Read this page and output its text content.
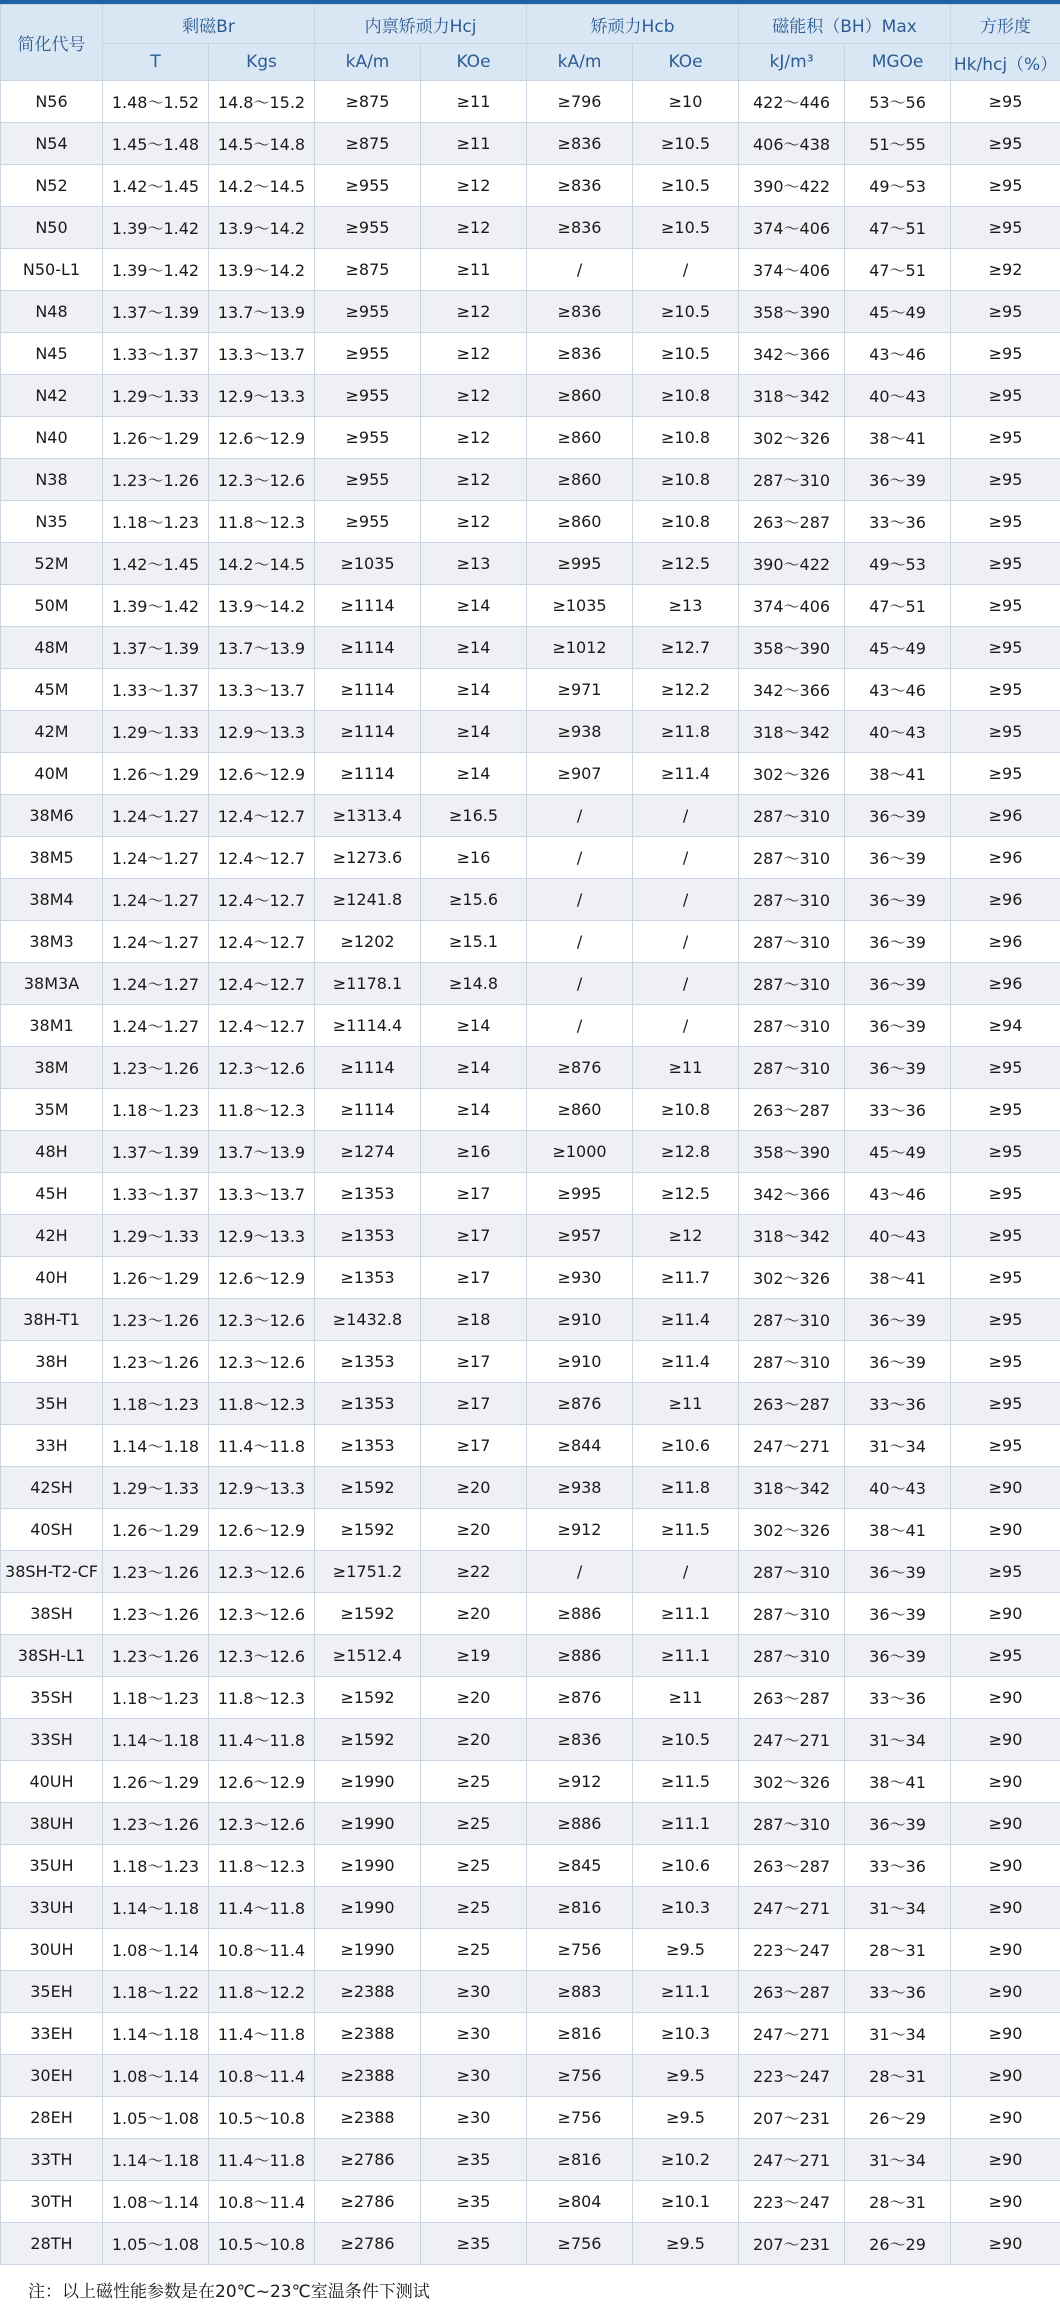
简化代号	剩磁Br		内禀矫顽力Hcj		矫顽力Hcb		磁能积（BH）Max		方形度
	T	Kgs	kA/m	KOe	kA/m	KOe	kJ/m³	MGOe	Hk/hcj（%）
N56	1.48～1.52	14.8～15.2	≥875	≥11	≥796	≥10	422～446	53～56	≥95
N54	1.45～1.48	14.5～14.8	≥875	≥11	≥836	≥10.5	406～438	51～55	≥95
N52	1.42～1.45	14.2～14.5	≥955	≥12	≥836	≥10.5	390～422	49～53	≥95
N50	1.39～1.42	13.9～14.2	≥955	≥12	≥836	≥10.5	374～406	47～51	≥95
N50-L1	1.39～1.42	13.9～14.2	≥875	≥11	/	/	374～406	47～51	≥92
N48	1.37～1.39	13.7～13.9	≥955	≥12	≥836	≥10.5	358～390	45～49	≥95
N45	1.33～1.37	13.3～13.7	≥955	≥12	≥836	≥10.5	342～366	43～46	≥95
N42	1.29～1.33	12.9～13.3	≥955	≥12	≥860	≥10.8	318～342	40～43	≥95
N40	1.26～1.29	12.6～12.9	≥955	≥12	≥860	≥10.8	302～326	38～41	≥95
N38	1.23～1.26	12.3～12.6	≥955	≥12	≥860	≥10.8	287～310	36～39	≥95
N35	1.18～1.23	11.8～12.3	≥955	≥12	≥860	≥10.8	263～287	33～36	≥95
52M	1.42～1.45	14.2～14.5	≥1035	≥13	≥995	≥12.5	390～422	49～53	≥95
50M	1.39～1.42	13.9～14.2	≥1114	≥14	≥1035	≥13	374～406	47～51	≥95
48M	1.37～1.39	13.7～13.9	≥1114	≥14	≥1012	≥12.7	358～390	45～49	≥95
45M	1.33～1.37	13.3～13.7	≥1114	≥14	≥971	≥12.2	342～366	43～46	≥95
42M	1.29～1.33	12.9～13.3	≥1114	≥14	≥938	≥11.8	318～342	40～43	≥95
40M	1.26～1.29	12.6～12.9	≥1114	≥14	≥907	≥11.4	302～326	38～41	≥95
38M6	1.24～1.27	12.4～12.7	≥1313.4	≥16.5	/	/	287～310	36～39	≥96
38M5	1.24～1.27	12.4～12.7	≥1273.6	≥16	/	/	287～310	36～39	≥96
38M4	1.24～1.27	12.4～12.7	≥1241.8	≥15.6	/	/	287～310	36～39	≥96
38M3	1.24～1.27	12.4～12.7	≥1202	≥15.1	/	/	287～310	36～39	≥96
38M3A	1.24～1.27	12.4～12.7	≥1178.1	≥14.8	/	/	287～310	36～39	≥96
38M1	1.24～1.27	12.4～12.7	≥1114.4	≥14	/	/	287～310	36～39	≥94
38M	1.23～1.26	12.3～12.6	≥1114	≥14	≥876	≥11	287～310	36～39	≥95
35M	1.18～1.23	11.8～12.3	≥1114	≥14	≥860	≥10.8	263～287	33～36	≥95
48H	1.37～1.39	13.7～13.9	≥1274	≥16	≥1000	≥12.8	358～390	45～49	≥95
45H	1.33～1.37	13.3～13.7	≥1353	≥17	≥995	≥12.5	342～366	43～46	≥95
42H	1.29～1.33	12.9～13.3	≥1353	≥17	≥957	≥12	318～342	40～43	≥95
40H	1.26～1.29	12.6～12.9	≥1353	≥17	≥930	≥11.7	302～326	38～41	≥95
38H-T1	1.23～1.26	12.3～12.6	≥1432.8	≥18	≥910	≥11.4	287～310	36～39	≥95
38H	1.23～1.26	12.3～12.6	≥1353	≥17	≥910	≥11.4	287～310	36～39	≥95
35H	1.18～1.23	11.8～12.3	≥1353	≥17	≥876	≥11	263～287	33～36	≥95
33H	1.14～1.18	11.4～11.8	≥1353	≥17	≥844	≥10.6	247～271	31～34	≥95
42SH	1.29～1.33	12.9～13.3	≥1592	≥20	≥938	≥11.8	318～342	40～43	≥90
40SH	1.26～1.29	12.6～12.9	≥1592	≥20	≥912	≥11.5	302～326	38～41	≥90
38SH-T2-CF	1.23～1.26	12.3～12.6	≥1751.2	≥22	/	/	287～310	36～39	≥95
38SH	1.23～1.26	12.3～12.6	≥1592	≥20	≥886	≥11.1	287～310	36～39	≥90
38SH-L1	1.23～1.26	12.3～12.6	≥1512.4	≥19	≥886	≥11.1	287～310	36～39	≥95
35SH	1.18～1.23	11.8～12.3	≥1592	≥20	≥876	≥11	263～287	33～36	≥90
33SH	1.14～1.18	11.4～11.8	≥1592	≥20	≥836	≥10.5	247～271	31～34	≥90
40UH	1.26～1.29	12.6～12.9	≥1990	≥25	≥912	≥11.5	302～326	38～41	≥90
38UH	1.23～1.26	12.3～12.6	≥1990	≥25	≥886	≥11.1	287～310	36～39	≥90
35UH	1.18～1.23	11.8～12.3	≥1990	≥25	≥845	≥10.6	263～287	33～36	≥90
33UH	1.14～1.18	11.4～11.8	≥1990	≥25	≥816	≥10.3	247～271	31～34	≥90
30UH	1.08～1.14	10.8～11.4	≥1990	≥25	≥756	≥9.5	223～247	28～31	≥90
35EH	1.18～1.22	11.8～12.2	≥2388	≥30	≥883	≥11.1	263～287	33～36	≥90
33EH	1.14～1.18	11.4～11.8	≥2388	≥30	≥816	≥10.3	247～271	31～34	≥90
30EH	1.08～1.14	10.8～11.4	≥2388	≥30	≥756	≥9.5	223～247	28～31	≥90
28EH	1.05～1.08	10.5～10.8	≥2388	≥30	≥756	≥9.5	207～231	26～29	≥90
33TH	1.14～1.18	11.4～11.8	≥2786	≥35	≥816	≥10.2	247～271	31～34	≥90
30TH	1.08～1.14	10.8～11.4	≥2786	≥35	≥804	≥10.1	223～247	28～31	≥90
28TH	1.05～1.08	10.5～10.8	≥2786	≥35	≥756	≥9.5	207～231	26～29	≥90
注：以上磁性能参数是在20℃~23℃室温条件下测试
